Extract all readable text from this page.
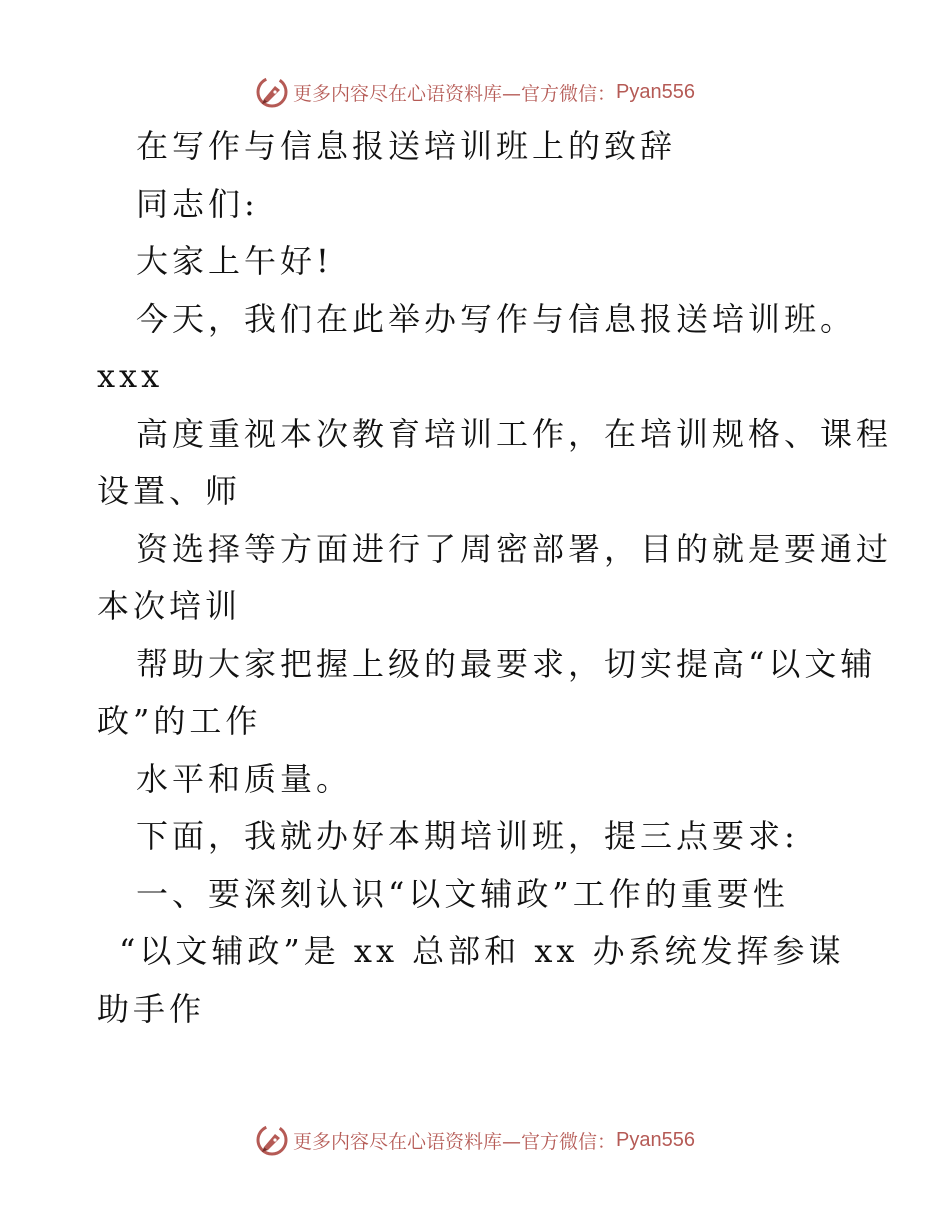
更多内容尽在心语资料库—官方微信： Pyan556
在写作与信息报送培训班上的致辞
同志们:
大家上午好!
今天，我们在此举办写作与信息报送培训班。
xxx
高度重视本次教育培训工作，在培训规格、课程
设置、师
资选择等方面进行了周密部署，目的就是要通过
本次培训
帮助大家把握上级的最要求，切实提高“以文辅
政”的工作
水平和质量。
下面，我就办好本期培训班，提三点要求:
一、要深刻认识“以文辅政”工作的重要性
“以文辅政”是 xx 总部和 xx 办系统发挥参谋
助手作
更多内容尽在心语资料库—官方微信： Pyan556
